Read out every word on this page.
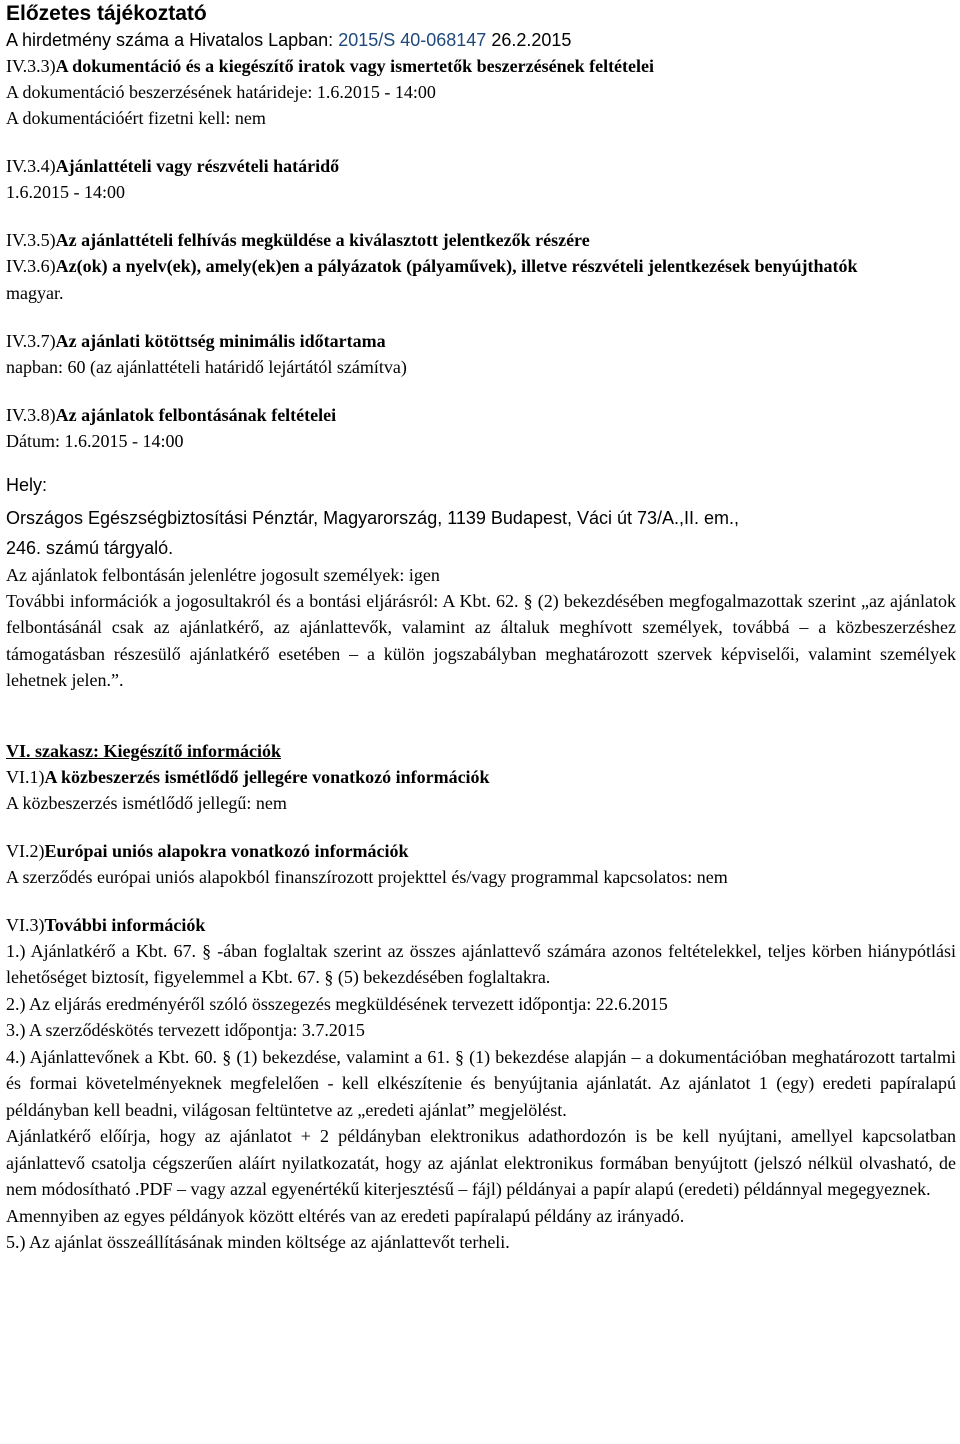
Előzetes tájékoztató
A hirdetmény száma a Hivatalos Lapban: 2015/S 40-068147 26.2.2015
IV.3.3)A dokumentáció és a kiegészítő iratok vagy ismertetők beszerzésének feltételei
A dokumentáció beszerzésének határideje: 1.6.2015 - 14:00
A dokumentációért fizetni kell: nem
IV.3.4)Ajánlattételi vagy részvételi határidő
1.6.2015 - 14:00
IV.3.5)Az ajánlattételi felhívás megküldése a kiválasztott jelentkezők részére
IV.3.6)Az(ok) a nyelv(ek), amely(ek)en a pályázatok (pályaművek), illetve részvételi jelentkezések benyújthatók
magyar.
IV.3.7)Az ajánlati kötöttség minimális időtartama
napban: 60 (az ajánlattételi határidő lejártától számítva)
IV.3.8)Az ajánlatok felbontásának feltételei
Dátum: 1.6.2015 - 14:00
Hely:
Országos Egészségbiztosítási Pénztár, Magyarország, 1139 Budapest, Váci út 73/A.,II. em.,
246. számú tárgyaló.
Az ajánlatok felbontásán jelenlétre jogosult személyek: igen
További információk a jogosultakról és a bontási eljárásról: A Kbt. 62. § (2) bekezdésében megfogalmazottak szerint „az ajánlatok felbontásánál csak az ajánlatkérő, az ajánlattevők, valamint az általuk meghívott személyek, továbbá – a közbeszerzéshez támogatásban részesülő ajánlatkérő esetében – a külön jogszabályban meghatározott szervek képviselői, valamint személyek lehetnek jelen.”.
VI. szakasz: Kiegészítő információk
VI.1)A közbeszerzés ismétlődő jellegére vonatkozó információk
A közbeszerzés ismétlődő jellegű: nem
VI.2)Európai uniós alapokra vonatkozó információk
A szerződés európai uniós alapokból finanszírozott projekttel és/vagy programmal kapcsolatos: nem
VI.3)További információk
1.) Ajánlatkérő a Kbt. 67. § -ában foglaltak szerint az összes ajánlattevő számára azonos feltételekkel, teljes körben hiánypótlási lehetőséget biztosít, figyelemmel a Kbt. 67. § (5) bekezdésében foglaltakra.
2.) Az eljárás eredményéről szóló összegezés megküldésének tervezett időpontja: 22.6.2015
3.) A szerződéskötés tervezett időpontja: 3.7.2015
4.) Ajánlattevőnek a Kbt. 60. § (1) bekezdése, valamint a 61. § (1) bekezdése alapján – a dokumentációban meghatározott tartalmi és formai követelményeknek megfelelően - kell elkészítenie és benyújtania ajánlatát. Az ajánlatot 1 (egy) eredeti papíralapú példányban kell beadni, világosan feltüntetve az „eredeti ajánlat” megjelölést.
Ajánlatkérő előírja, hogy az ajánlatot + 2 példányban elektronikus adathordozón is be kell nyújtani, amellyel kapcsolatban ajánlattevő csatolja cégszerűen aláírt nyilatkozatát, hogy az ajánlat elektronikus formában benyújtott (jelszó nélkül olvasható, de nem módosítható .PDF – vagy azzal egyenértékű kiterjesztésű – fájl) példányai a papír alapú (eredeti) példánnyal megegyeznek.
Amennyiben az egyes példányok között eltérés van az eredeti papíralapú példány az irányadó.
5.) Az ajánlat összeállításának minden költsége az ajánlattevőt terheli.
